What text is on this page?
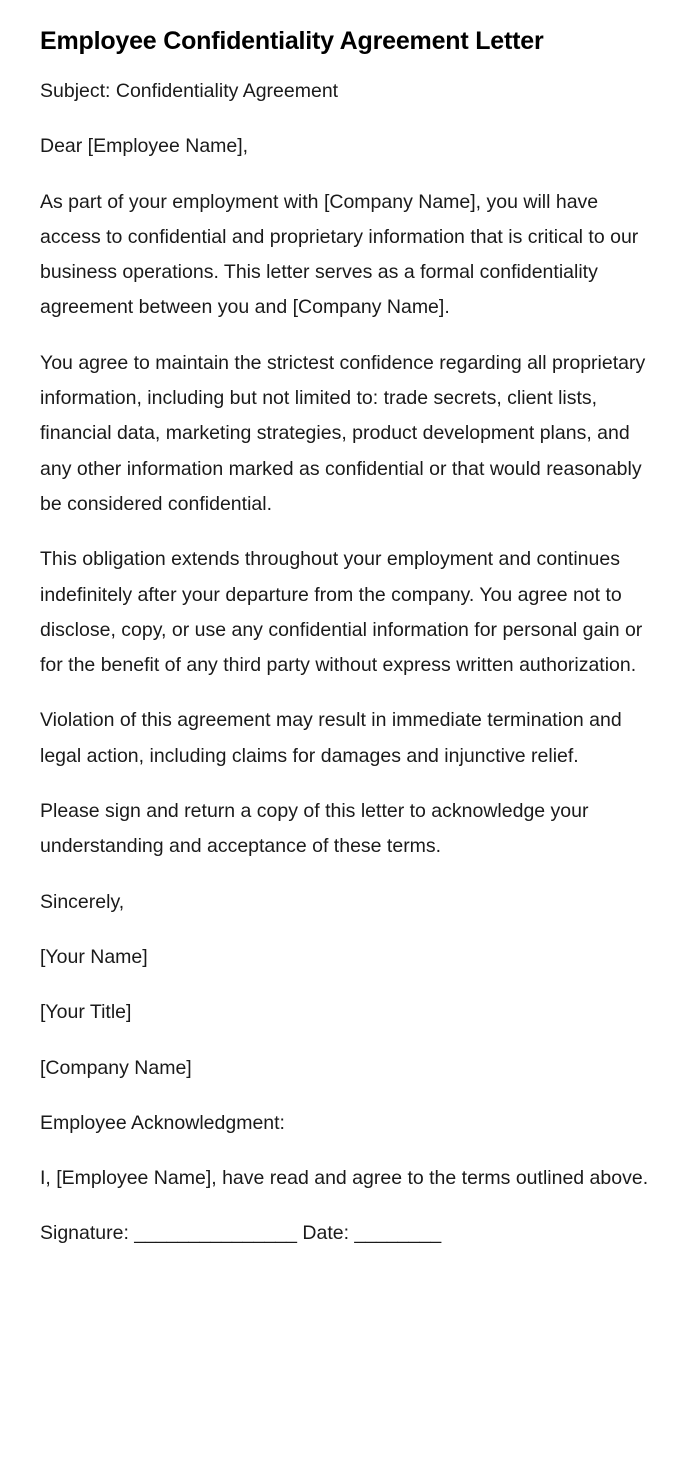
Employee Confidentiality Agreement Letter

Subject: Confidentiality Agreement

Dear [Employee Name],

As part of your employment with [Company Name], you will have access to confidential and proprietary information that is critical to our business operations. This letter serves as a formal confidentiality agreement between you and [Company Name].

You agree to maintain the strictest confidence regarding all proprietary information, including but not limited to: trade secrets, client lists, financial data, marketing strategies, product development plans, and any other information marked as confidential or that would reasonably be considered confidential.

This obligation extends throughout your employment and continues indefinitely after your departure from the company. You agree not to disclose, copy, or use any confidential information for personal gain or for the benefit of any third party without express written authorization.

Violation of this agreement may result in immediate termination and legal action, including claims for damages and injunctive relief.

Please sign and return a copy of this letter to acknowledge your understanding and acceptance of these terms.

Sincerely,

[Your Name]

[Your Title]

[Company Name]

Employee Acknowledgment:

I, [Employee Name], have read and agree to the terms outlined above.

Signature: _______________ Date: ________
